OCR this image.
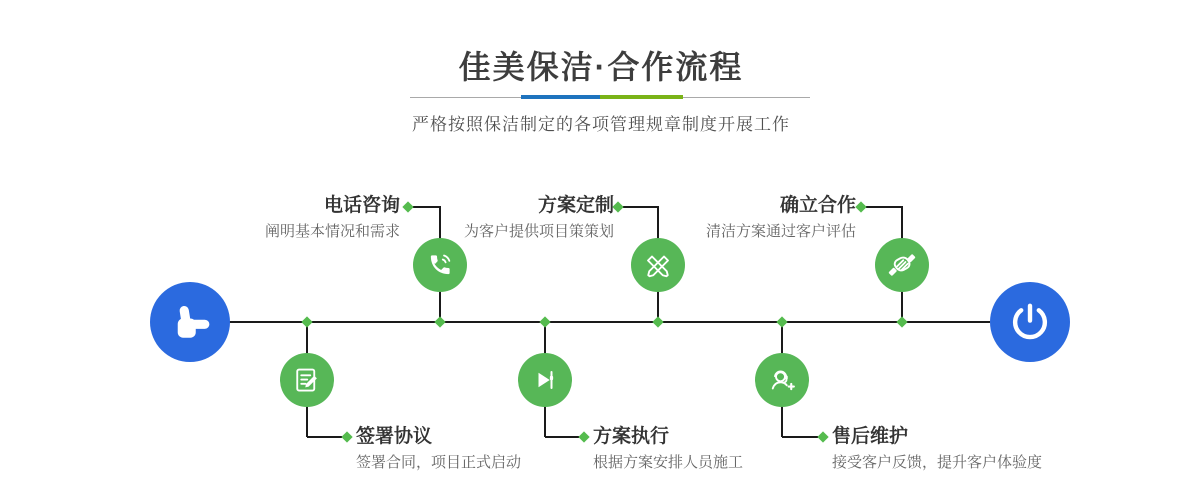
佳美保洁·合作流程
严格按照保洁制定的各项管理规章制度开展工作
电话咨询
阐明基本情况和需求
方案定制
为客户提供项目策策划
确立合作
清洁方案通过客户评估
签署协议
签署合同，项目正式启动
方案执行
根据方案安排人员施工
售后维护
接受客户反馈，提升客户体验度
